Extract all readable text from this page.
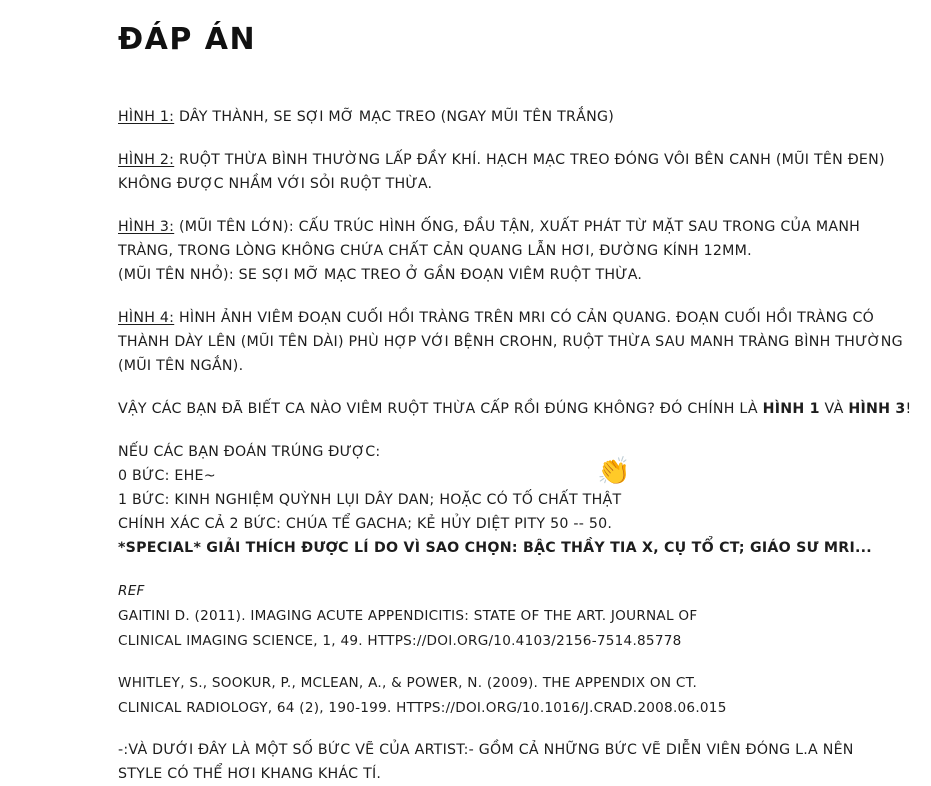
ĐÁP ÁN
HÌNH 1: DÂY THÀNH, SE SỢI MỠ MẠC TREO (NGAY MŨI TÊN TRẮNG)
HÌNH 2: RUỘT THỪA BÌNH THƯỜNG LẤP ĐẦY KHÍ. HẠCH MẠC TREO ĐÓNG VÔI BÊN CANH (MŨI TÊN ĐEN)
KHÔNG ĐƯỢC NHẦM VỚI SỎI RUỘT THỪA.
HÌNH 3: (MŨI TÊN LỚN): CẤU TRÚC HÌNH ỐNG, ĐẦU TẬN, XUẤT PHÁT TỪ MẶT SAU TRONG CỦA MANH
TRÀNG, TRONG LÒNG KHÔNG CHỨA CHẤT CẢN QUANG LẪN HƠI, ĐƯỜNG KÍNH 12MM.
(MŨI TÊN NHỎ): SE SỢI MỠ MẠC TREO Ở GẦN ĐOẠN VIÊM RUỘT THỪA.
HÌNH 4: HÌNH ẢNH VIÊM ĐOẠN CUỐI HỒI TRÀNG TRÊN MRI CÓ CẢN QUANG. ĐOẠN CUỐI HỒI TRÀNG CÓ
THÀNH DÀY LÊN (MŨI TÊN DÀI) PHÙ HỢP VỚI BỆNH CROHN, RUỘT THỪA SAU MANH TRÀNG BÌNH THƯỜNG
(MŨI TÊN NGẮN).
VẬY CÁC BẠN ĐÃ BIẾT CA NÀO VIÊM RUỘT THỪA CẤP RỒI ĐÚNG KHÔNG? ĐÓ CHÍNH LÀ HÌNH 1 VÀ HÌNH 3!
NẾU CÁC BẠN ĐOÁN TRÚNG ĐƯỢC:
0 BỨC: EHE~
1 BỨC: KINH NGHIỆM QUỲNH LỤI DÂY DAN; HOẶC CÓ TỐ CHẤT THẬT
CHÍNH XÁC CẢ 2 BỨC: CHÚA TỂ GACHA; KẺ HỦY DIỆT PITY 50 -- 50.
*SPECIAL* GIẢI THÍCH ĐƯỢC LÍ DO VÌ SAO CHỌN: BẬC THẦY TIA X, CỤ TỔ CT; GIÁO SƯ MRI...
REF
GAITINI D. (2011). IMAGING ACUTE APPENDICITIS: STATE OF THE ART. JOURNAL OF
CLINICAL IMAGING SCIENCE, 1, 49. HTTPS://DOI.ORG/10.4103/2156-7514.85778
WHITLEY, S., SOOKUR, P., MCLEAN, A., & POWER, N. (2009). THE APPENDIX ON CT.
CLINICAL RADIOLOGY, 64 (2), 190-199. HTTPS://DOI.ORG/10.1016/J.CRAD.2008.06.015
-:VÀ DƯỚI ĐÂY LÀ MỘT SỐ BỨC VẼ CỦA ARTIST:- GỒM CẢ NHỮNG BỨC VẼ DIỄN VIÊN ĐÓNG L.A NÊN
STYLE CÓ THỂ HƠI KHANG KHÁC TÍ.
👏
